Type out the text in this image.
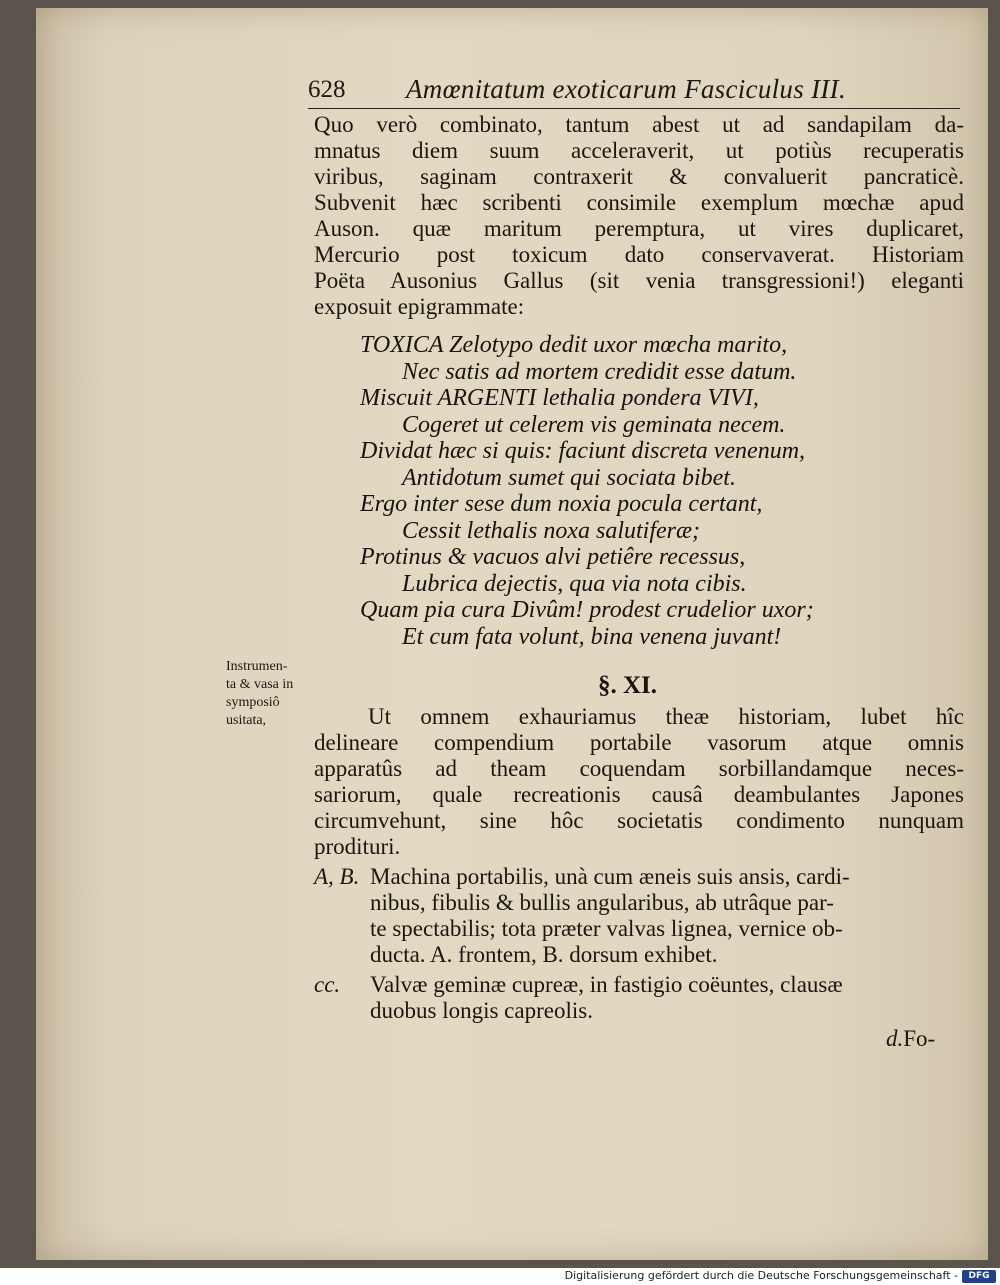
628 Amœnitatum exoticarum Fasciculus III.
Quo verò combinato, tantum abest ut ad sandapilam da-
mnatus diem suum acceleraverit, ut potiùs recuperatis
viribus, saginam contraxerit & convaluerit pancraticè.
Subvenit hæc scribenti consimile exemplum mœchæ apud
Auson. quæ maritum peremptura, ut vires duplicaret,
Mercurio post toxicum dato conservaverat. Historiam
Poëta Ausonius Gallus (sit venia transgressioni!) eleganti
exposuit epigrammate:
TOXICA Zelotypo dedit uxor mœcha marito,
Nec satis ad mortem credidit esse datum.
Miscuit ARGENTI lethalia pondera VIVI,
Cogeret ut celerem vis geminata necem.
Dividat hæc si quis: faciunt discreta venenum,
Antidotum sumet qui sociata bibet.
Ergo inter sese dum noxia pocula certant,
Cessit lethalis noxa salutiferæ;
Protinus & vacuos alvi petiêre recessus,
Lubrica dejectis, qua via nota cibis.
Quam pia cura Divûm! prodest crudelior uxor;
Et cum fata volunt, bina venena juvant!
Instrumen-
ta & vasa in
symposiô
usitata,
§. XI.
Ut omnem exhauriamus theæ historiam, lubet hîc
delineare compendium portabile vasorum atque omnis
apparatûs ad theam coquendam sorbillandamque neces-
sariorum, quale recreationis causâ deambulantes Japones
circumvehunt, sine hôc societatis condimento nunquam
prodituri.
A, B. Machina portabilis, unà cum æneis suis ansis, cardi-
nibus, fibulis & bullis angularibus, ab utrâque par-
te spectabilis; tota præter valvas lignea, vernice ob-
ducta. A. frontem, B. dorsum exhibet.
cc. Valvæ geminæ cupreæ, in fastigio coëuntes, clausæ
duobus longis capreolis.
d.Fo-
Digitalisierung gefördert durch die Deutsche Forschungsgemeinschaft -	DFG
